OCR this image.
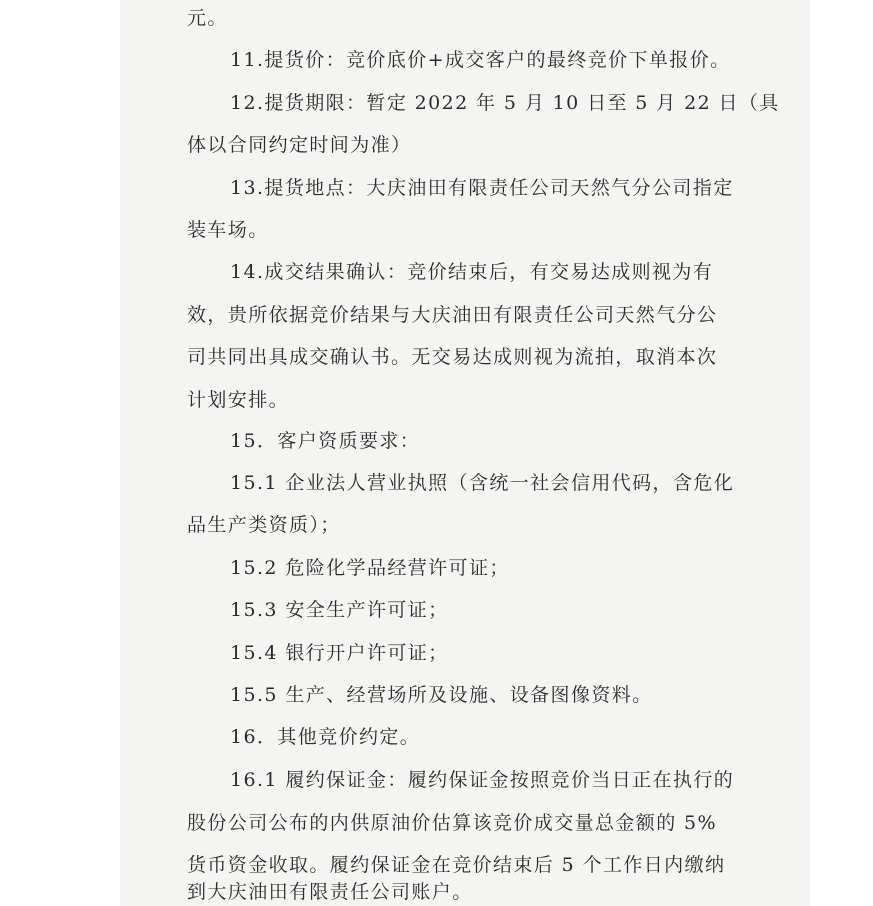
元。
11.提货价：竞价底价+成交客户的最终竞价下单报价。
12.提货期限：暂定 2022 年 5 月 10 日至 5 月 22 日（具
体以合同约定时间为准）
13.提货地点：大庆油田有限责任公司天然气分公司指定
装车场。
14.成交结果确认：竞价结束后，有交易达成则视为有
效，贵所依据竞价结果与大庆油田有限责任公司天然气分公
司共同出具成交确认书。无交易达成则视为流拍，取消本次
计划安排。
15．客户资质要求：
15.1 企业法人营业执照（含统一社会信用代码，含危化
品生产类资质）；
15.2 危险化学品经营许可证；
15.3 安全生产许可证；
15.4 银行开户许可证；
15.5 生产、经营场所及设施、设备图像资料。
16．其他竞价约定。
16.1 履约保证金：履约保证金按照竞价当日正在执行的
股份公司公布的内供原油价估算该竞价成交量总金额的 5%
货币资金收取。履约保证金在竞价结束后 5 个工作日内缴纳
到大庆油田有限责任公司账户。
